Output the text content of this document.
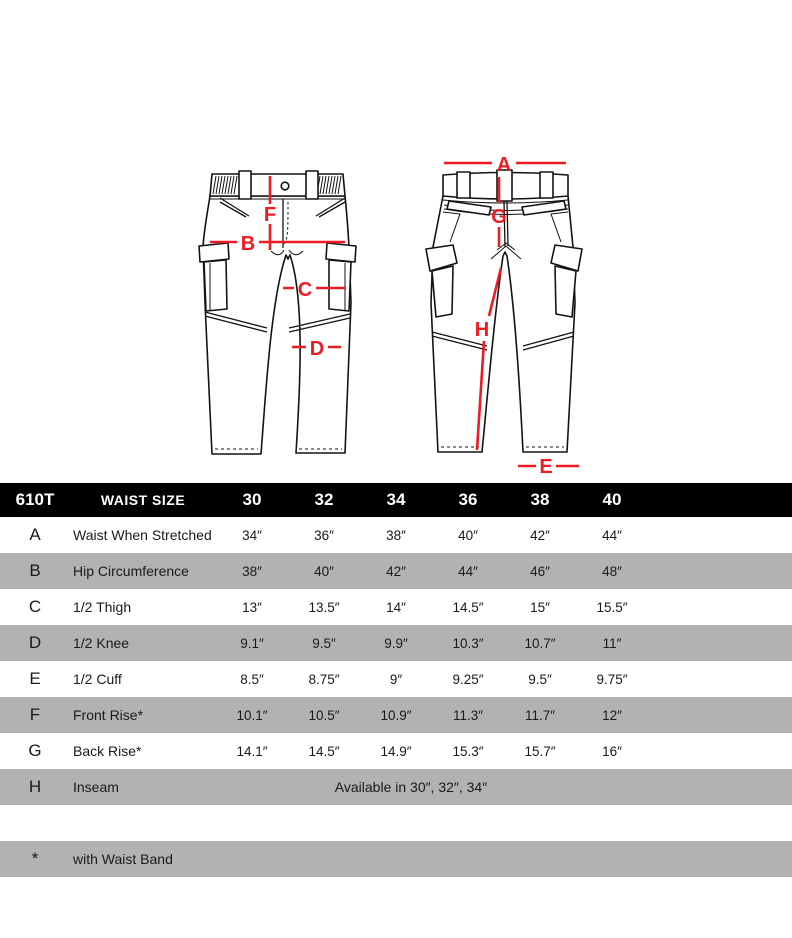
F
B
C
D
A
G
H
E
610T	WAIST SIZE	30	32	34	36	38	40
A	Waist When Stretched	34″	36″	38″	40″	42″	44″
B	Hip Circumference	38″	40″	42″	44″	46″	48″
C	1/2 Thigh	13″	13.5″	14″	14.5″	15″	15.5″
D	1/2 Knee	9.1″	9.5″	9.9″	10.3″	10.7″	11″
E	1/2 Cuff	8.5″	8.75″	9″	9.25″	9.5″	9.75″
F	Front Rise*	10.1″	10.5″	10.9″	11.3″	11.7″	12″
G	Back Rise*	14.1″	14.5″	14.9″	15.3″	15.7″	16″
H	Inseam	Available in 30″, 32″, 34″
*	with Waist Band
